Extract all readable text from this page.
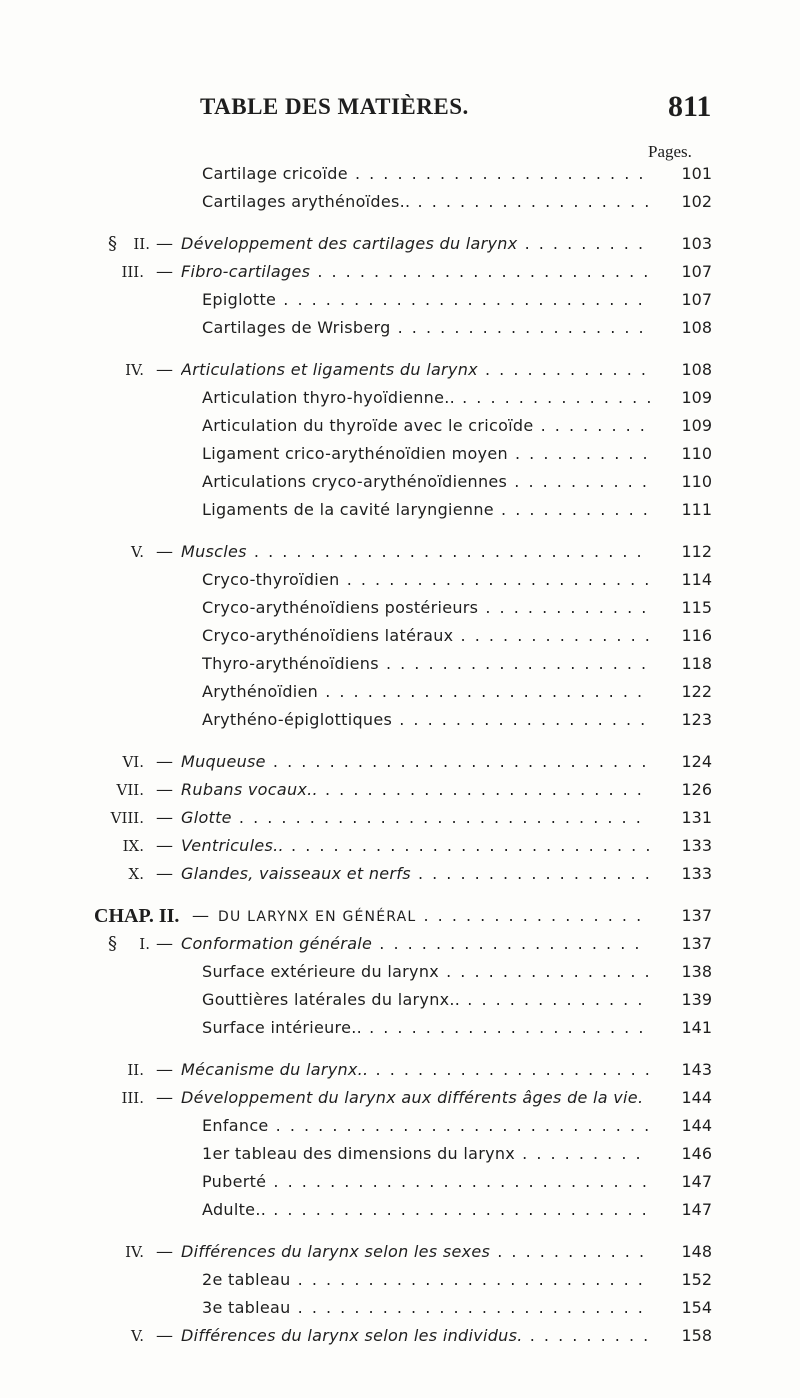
TABLE DES MATIÈRES.	811
Pages.
Cartilage cricoïde . . .	101
Cartilages arythénoïdes.. . . .	102
§	II. — Développement des cartilages du larynx . . .	103
III. — Fibro-cartilages . . .	107
Epiglotte . . .	107
Cartilages de Wrisberg . . .	108
IV. — Articulations et ligaments du larynx . . .	108
Articulation thyro-hyoïdienne.. . . .	109
Articulation du thyroïde avec le cricoïde . . .	109
Ligament crico-arythénoïdien moyen . . .	110
Articulations cryco-arythénoïdiennes . . .	110
Ligaments de la cavité laryngienne . . .	111
V. — Muscles . . .	112
Cryco-thyroïdien . . .	114
Cryco-arythénoïdiens postérieurs . . .	115
Cryco-arythénoïdiens latéraux . . .	116
Thyro-arythénoïdiens . . .	118
Arythénoïdien . . .	122
Arythéno-épiglottiques . . .	123
VI. — Muqueuse . . .	124
VII. — Rubans vocaux.. . . .	126
VIII. — Glotte . . .	131
IX. — Ventricules.. . . .	133
X. — Glandes, vaisseaux et nerfs . . .	133
CHAP. II. — DU LARYNX EN GÉNÉRAL . . .	137
§	I. — Conformation générale . . .	137
Surface extérieure du larynx . . .	138
Gouttières latérales du larynx.. . . .	139
Surface intérieure.. . . .	141
II. — Mécanisme du larynx.. . . .	143
III. — Développement du larynx aux différents âges de la vie. . . .	144
Enfance . . .	144
1er tableau des dimensions du larynx . . .	146
Puberté . . .	147
Adulte.. . . .	147
IV. — Différences du larynx selon les sexes . . .	148
2e tableau . . .	152
3e tableau . . .	154
V. — Différences du larynx selon les individus. . . .	158
